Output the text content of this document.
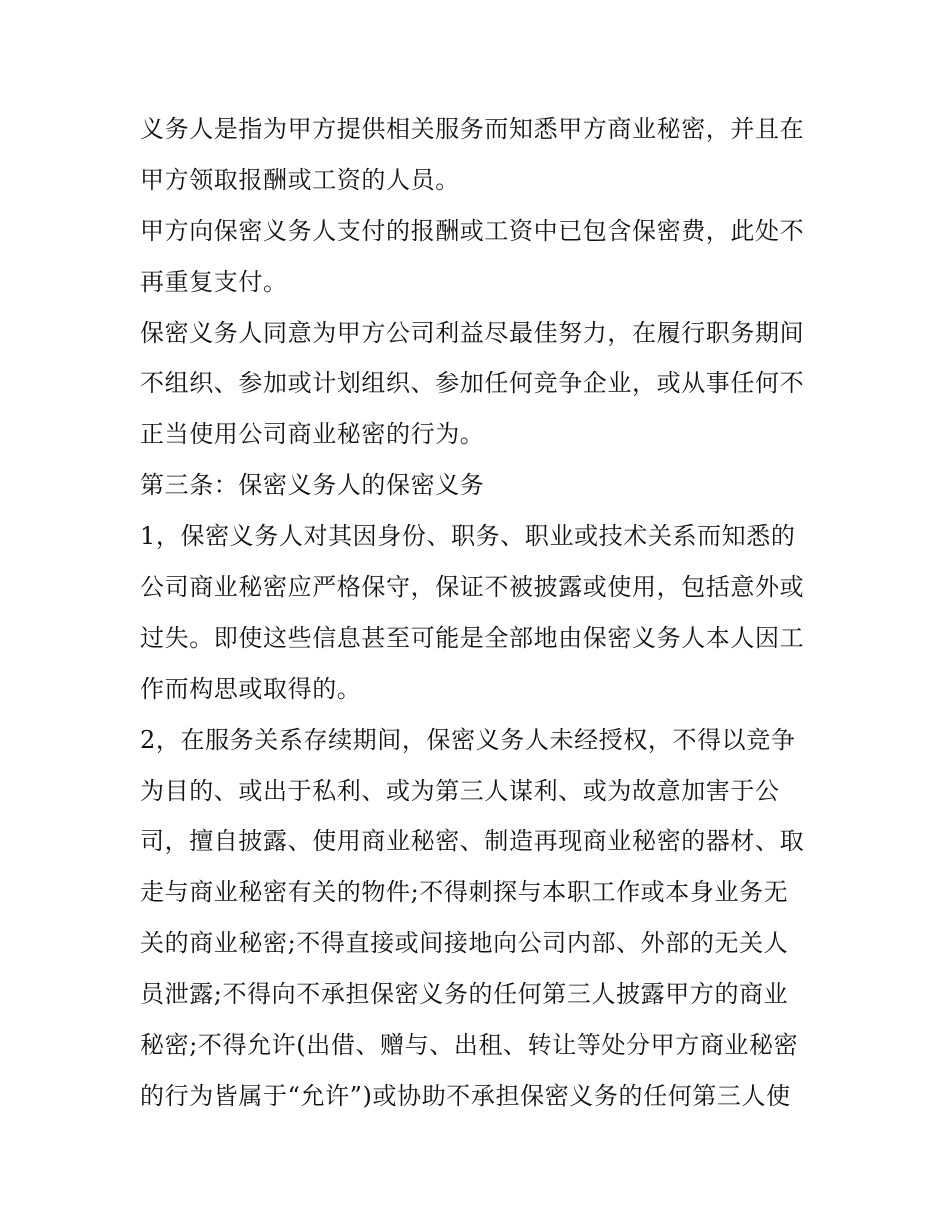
义务人是指为甲方提供相关服务而知悉甲方商业秘密，并且在
甲方领取报酬或工资的人员。
甲方向保密义务人支付的报酬或工资中已包含保密费，此处不
再重复支付。
保密义务人同意为甲方公司利益尽最佳努力，在履行职务期间
不组织、参加或计划组织、参加任何竞争企业，或从事任何不
正当使用公司商业秘密的行为。
第三条：保密义务人的保密义务
1，保密义务人对其因身份、职务、职业或技术关系而知悉的
公司商业秘密应严格保守，保证不被披露或使用，包括意外或
过失。即使这些信息甚至可能是全部地由保密义务人本人因工
作而构思或取得的。
2，在服务关系存续期间，保密义务人未经授权，不得以竞争
为目的、或出于私利、或为第三人谋利、或为故意加害于公
司，擅自披露、使用商业秘密、制造再现商业秘密的器材、取
走与商业秘密有关的物件;不得刺探与本职工作或本身业务无
关的商业秘密;不得直接或间接地向公司内部、外部的无关人
员泄露;不得向不承担保密义务的任何第三人披露甲方的商业
秘密;不得允许(出借、赠与、出租、转让等处分甲方商业秘密
的行为皆属于“允许”)或协助不承担保密义务的任何第三人使
